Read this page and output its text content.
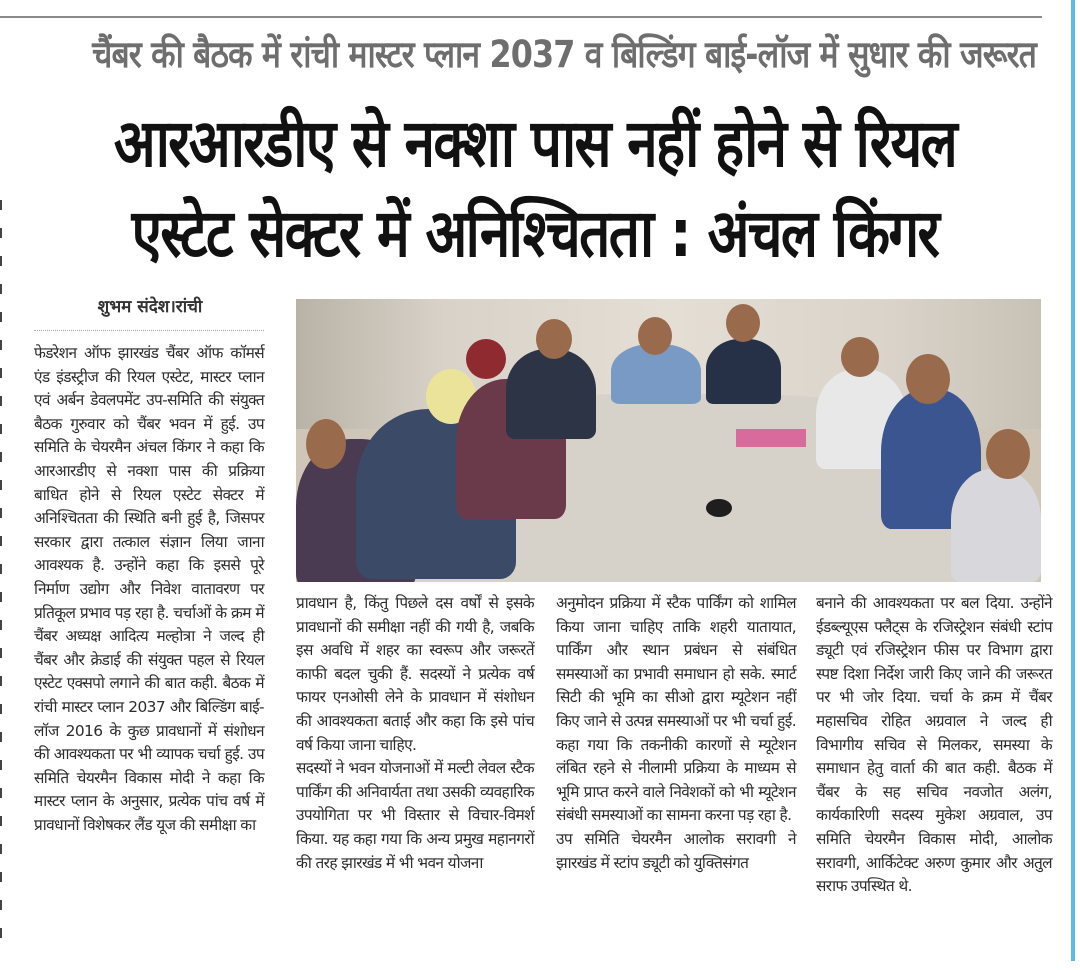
चैंबर की बैठक में रांची मास्टर प्लान 2037 व बिल्डिंग बाई-लॉज में सुधार की जरूरत
आरआरडीए से नक्शा पास नहीं होने से रियल
एस्टेट सेक्टर में अनिश्चितता : अंचल किंगर
शुभम संदेश।रांची

फेडरेशन ऑफ झारखंड चैंबर ऑफ कॉमर्स एंड इंडस्ट्रीज की रियल एस्टेट, मास्टर प्लान एवं अर्बन डेवलपमेंट उप-समिति की संयुक्त बैठक गुरुवार को चैंबर भवन में हुई. उप समिति के चेयरमैन अंचल किंगर ने कहा कि आरआरडीए से नक्शा पास की प्रक्रिया बाधित होने से रियल एस्टेट सेक्टर में अनिश्चितता की स्थिति बनी हुई है, जिसपर सरकार द्वारा तत्काल संज्ञान लिया जाना आवश्यक है. उन्होंने कहा कि इससे पूरे निर्माण उद्योग और निवेश वातावरण पर प्रतिकूल प्रभाव पड़ रहा है. चर्चाओं के क्रम में चैंबर अध्यक्ष आदित्य मल्होत्रा ने जल्द ही चैंबर और क्रेडाई की संयुक्त पहल से रियल एस्टेट एक्सपो लगाने की बात कही. बैठक में रांची मास्टर प्लान 2037 और बिल्डिंग बाई-लॉज 2016 के कुछ प्रावधानों में संशोधन की आवश्यकता पर भी व्यापक चर्चा हुई. उप समिति चेयरमैन विकास मोदी ने कहा कि मास्टर प्लान के अनुसार, प्रत्येक पांच वर्ष में प्रावधानों विशेषकर लैंड यूज की समीक्षा का

प्रावधान है, किंतु पिछले दस वर्षों से इसके प्रावधानों की समीक्षा नहीं की गयी है, जबकि इस अवधि में शहर का स्वरूप और जरूरतें काफी बदल चुकी हैं. सदस्यों ने प्रत्येक वर्ष फायर एनओसी लेने के प्रावधान में संशोधन की आवश्यकता बताई और कहा कि इसे पांच वर्ष किया जाना चाहिए.

सदस्यों ने भवन योजनाओं में मल्टी लेवल स्टैक पार्किंग की अनिवार्यता तथा उसकी व्यवहारिक उपयोगिता पर भी विस्तार से विचार-विमर्श किया. यह कहा गया कि अन्य प्रमुख महानगरों की तरह झारखंड में भी भवन योजना

अनुमोदन प्रक्रिया में स्टैक पार्किंग को शामिल किया जाना चाहिए ताकि शहरी यातायात, पार्किंग और स्थान प्रबंधन से संबंधित समस्याओं का प्रभावी समाधान हो सके. स्मार्ट सिटी की भूमि का सीओ द्वारा म्यूटेशन नहीं किए जाने से उत्पन्न समस्याओं पर भी चर्चा हुई. कहा गया कि तकनीकी कारणों से म्यूटेशन लंबित रहने से नीलामी प्रक्रिया के माध्यम से भूमि प्राप्त करने वाले निवेशकों को भी म्यूटेशन संबंधी समस्याओं का सामना करना पड़ रहा है.

उप समिति चेयरमैन आलोक सरावगी ने झारखंड में स्टांप ड्यूटी को युक्तिसंगत

बनाने की आवश्यकता पर बल दिया. उन्होंने ईडब्ल्यूएस फ्लैट्स के रजिस्ट्रेशन संबंधी स्टांप ड्यूटी एवं रजिस्ट्रेशन फीस पर विभाग द्वारा स्पष्ट दिशा निर्देश जारी किए जाने की जरूरत पर भी जोर दिया. चर्चा के क्रम में चैंबर महासचिव रोहित अग्रवाल ने जल्द ही विभागीय सचिव से मिलकर, समस्या के समाधान हेतु वार्ता की बात कही. बैठक में चैंबर के सह सचिव नवजोत अलंग, कार्यकारिणी सदस्य मुकेश अग्रवाल, उप समिति चेयरमैन विकास मोदी, आलोक सरावगी, आर्किटेक्ट अरुण कुमार और अतुल सराफ उपस्थित थे.
